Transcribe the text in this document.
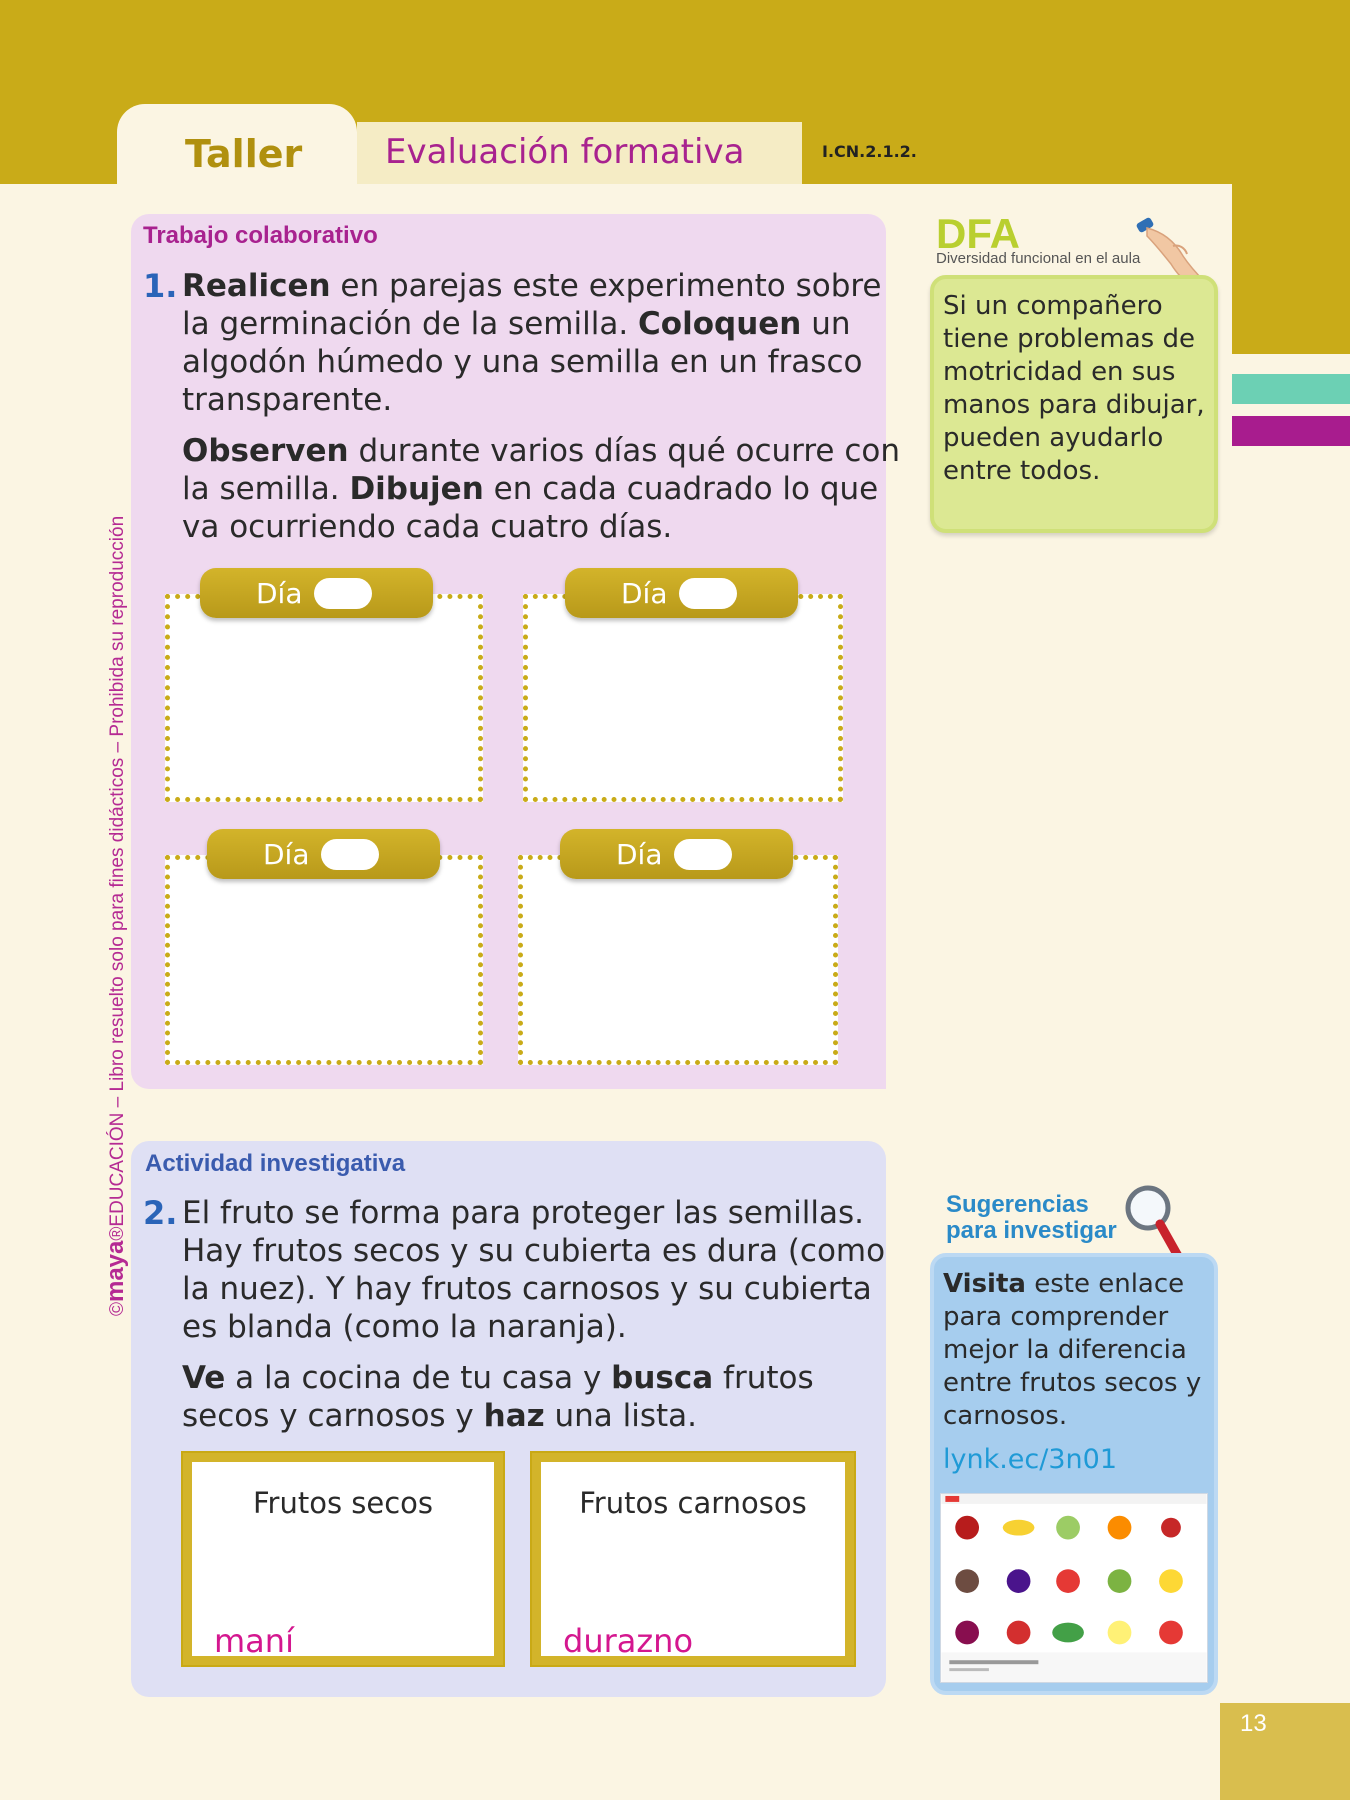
Taller Evaluación formativa	I.CN.2.1.2.
©maya®EDUCACIÓN – Libro resuelto solo para fines didácticos – Prohibida su reproducción
Trabajo colaborativo
1. Realicen en parejas este experimento sobre la germinación de la semilla. Coloquen un algodón húmedo y una semilla en un frasco transparente.
Observen durante varios días qué ocurre con la semilla. Dibujen en cada cuadrado lo que va ocurriendo cada cuatro días.
Día	Día
Día	Día
Actividad investigativa
2. El fruto se forma para proteger las semillas. Hay frutos secos y su cubierta es dura (como la nuez). Y hay frutos carnosos y su cubierta es blanda (como la naranja).
Ve a la cocina de tu casa y busca frutos secos y carnosos y haz una lista.
Frutos secos
maní
Frutos carnosos
durazno
DFA
Diversidad funcional en el aula
Si un compañero tiene problemas de motricidad en sus manos para dibujar, pueden ayudarlo entre todos.
Sugerencias
para investigar
Visita este enlace para comprender mejor la diferencia entre frutos secos y carnosos.
lynk.ec/3n01
13
